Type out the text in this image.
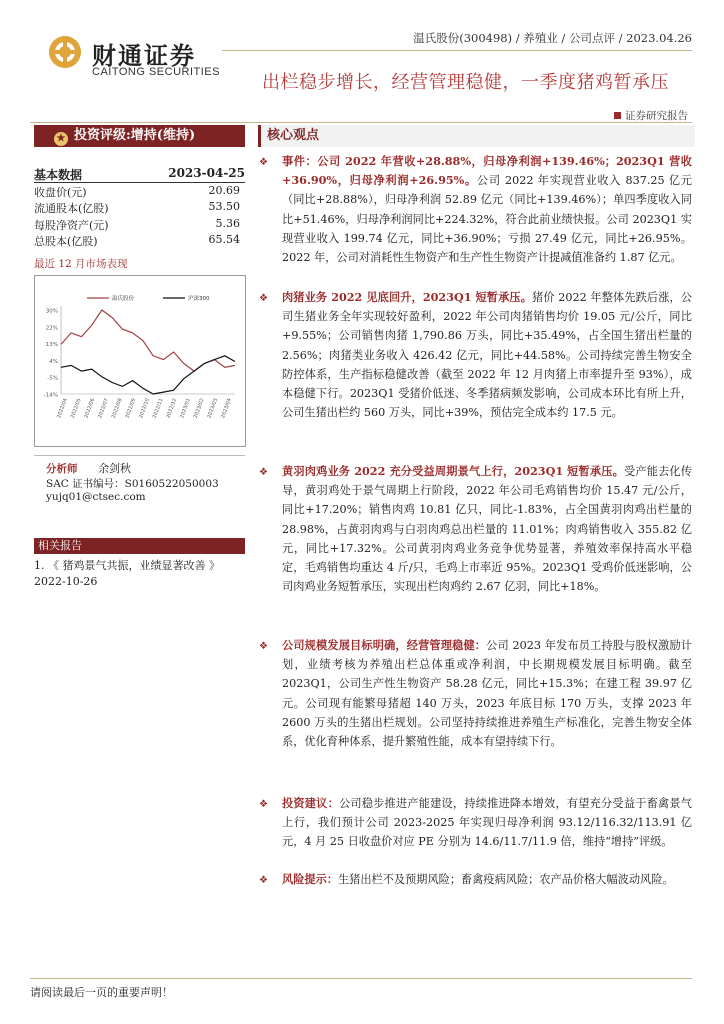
财通证券
CAITONG SECURITIES
温氏股份(300498) / 养殖业 / 公司点评 / 2023.04.26
出栏稳步增长，经营管理稳健，一季度猪鸡暂承压
证券研究报告
★ 投资评级:增持(维持)
基本数据	2023-04-25
收盘价(元)	20.69
流通股本(亿股)	53.50
每股净资产(元)	5.36
总股本(亿股)	65.54
最近 12 月市场表现
30%
22%
13%
4%
-5%
-14%
2022/04 2022/05 2022/06 2022/07 2022/08 2022/09 2022/10 2022/11 2022/12 2023/01 2023/02 2023/03 2023/04
温氏股份	沪深300
分析师 余剑秋
SAC 证书编号：S0160522050003
yujq01@ctsec.com
相关报告
1. 《 猪鸡景气共振，业绩显著改善 》
2022-10-26
核心观点
❖	事件：公司 2022 年营收+28.88%，归母净利润+139.46%；2023Q1 营收+36.90%，归母净利润+26.95%。公司 2022 年实现营业收入 837.25 亿元（同比+28.88%），归母净利润 52.89 亿元（同比+139.46%）；单四季度收入同比+51.46%，归母净利润同比+224.32%，符合此前业绩快报。公司 2023Q1 实现营业收入 199.74 亿元，同比+36.90%；亏损 27.49 亿元，同比+26.95%。2022 年，公司对消耗性生物资产和生产性生物资产计提减值准备约 1.87 亿元。
❖	肉猪业务 2022 见底回升，2023Q1 短暂承压。猪价 2022 年整体先跌后涨，公司生猪业务全年实现较好盈利，2022 年公司肉猪销售均价 19.05 元/公斤，同比+9.55%；公司销售肉猪 1,790.86 万头，同比+35.49%，占全国生猪出栏量的 2.56%；肉猪类业务收入 426.42 亿元，同比+44.58%。公司持续完善生物安全防控体系，生产指标稳健改善（截至 2022 年 12 月肉猪上市率提升至 93%），成本稳健下行。2023Q1 受猪价低迷、冬季猪病频发影响，公司成本环比有所上升，公司生猪出栏约 560 万头，同比+39%，预估完全成本约 17.5 元。
❖	黄羽肉鸡业务 2022 充分受益周期景气上行，2023Q1 短暂承压。受产能去化传导，黄羽鸡处于景气周期上行阶段，2022 年公司毛鸡销售均价 15.47 元/公斤，同比+17.20%；销售肉鸡 10.81 亿只，同比-1.83%，占全国黄羽肉鸡出栏量的 28.98%，占黄羽肉鸡与白羽肉鸡总出栏量的 11.01%；肉鸡销售收入 355.82 亿元，同比+17.32%。公司黄羽肉鸡业务竞争优势显著，养殖效率保持高水平稳定，毛鸡销售均重达 4 斤/只，毛鸡上市率近 95%。2023Q1 受鸡价低迷影响，公司肉鸡业务短暂承压，实现出栏肉鸡约 2.67 亿羽，同比+18%。
❖	公司规模发展目标明确，经营管理稳健：公司 2023 年发布员工持股与股权激励计划，业绩考核为养殖出栏总体重或净利润，中长期规模发展目标明确。截至 2023Q1，公司生产性生物资产 58.28 亿元，同比+15.3%；在建工程 39.97 亿元。公司现有能繁母猪超 140 万头，2023 年底目标 170 万头，支撑 2023 年 2600 万头的生猪出栏规划。公司坚持持续推进养殖生产标准化，完善生物安全体系，优化育种体系，提升繁殖性能，成本有望持续下行。
❖	投资建议：公司稳步推进产能建设，持续推进降本增效，有望充分受益于畜禽景气上行，我们预计公司 2023-2025 年实现归母净利润 93.12/116.32/113.91 亿元，4 月 25 日收盘价对应 PE 分别为 14.6/11.7/11.9 倍，维持“增持”评级。
❖	风险提示：生猪出栏不及预期风险；畜禽疫病风险；农产品价格大幅波动风险。
请阅读最后一页的重要声明！
